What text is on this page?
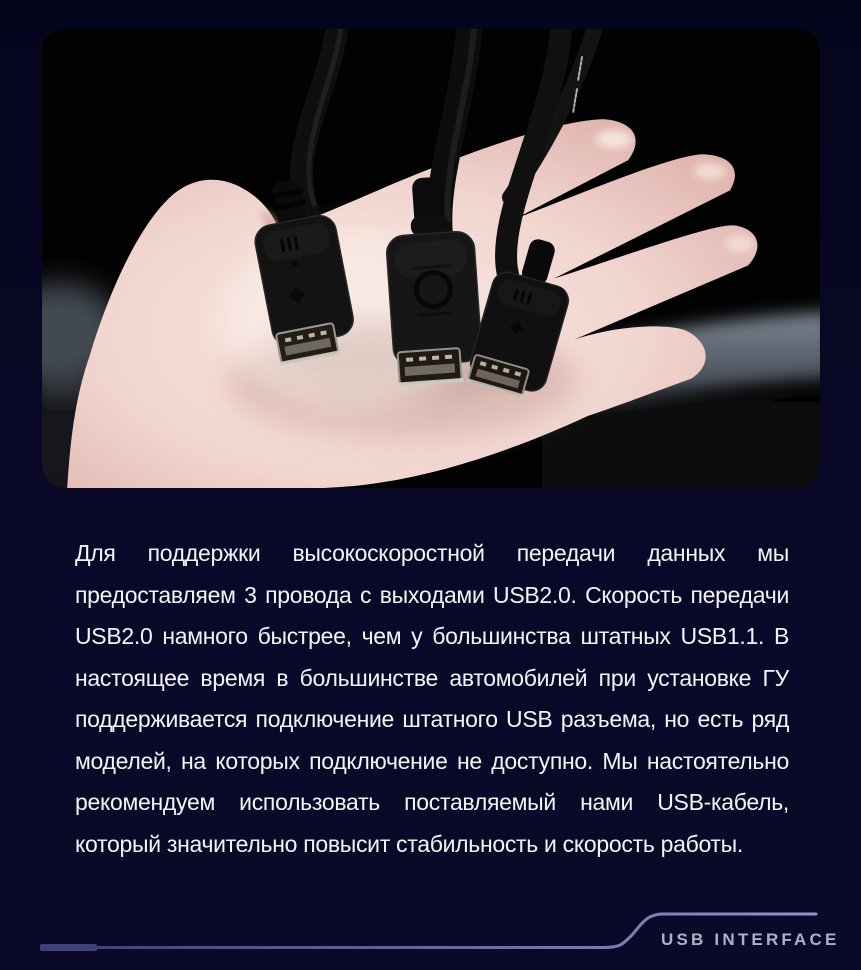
Для поддержки высокоскоростной передачи данных мы предоставляем 3 провода с выходами USB2.0. Скорость передачи USB2.0 намного быстрее, чем у большинства штатных USB1.1. В настоящее время в большинстве автомобилей при установке ГУ поддерживается подключение штатного USB разъема, но есть ряд моделей, на которых подключение не доступно. Мы настоятельно рекомендуем использовать поставляемый нами USB-кабель, который значительно повысит стабильность и скорость работы.

USB INTERFACE
